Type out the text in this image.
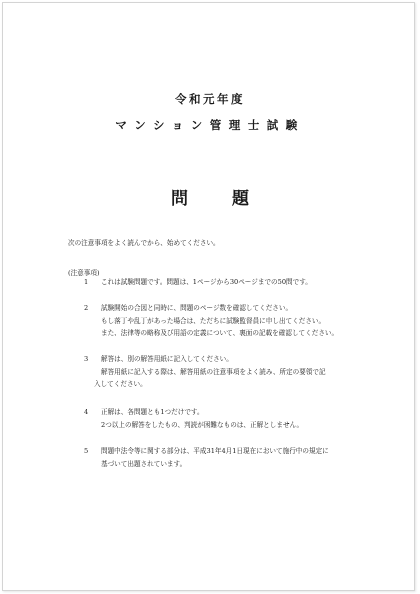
令和元年度
マンション管理士試験
問題
次の注意事項をよく読んでから、始めてください。
(注意事項)
1	これは試験問題です。問題は、1ページから30ページまでの50問です。
2	試験開始の合図と同時に、問題のページ数を確認してください。
もし落丁や乱丁があった場合は、ただちに試験監督員に申し出てください。
また、法律等の略称及び用語の定義について、裏面の記載を確認してください。
3	解答は、別の解答用紙に記入してください。
解答用紙に記入する際は、解答用紙の注意事項をよく読み、所定の要領で記
入してください。
4	正解は、各問題とも1つだけです。
2つ以上の解答をしたもの、判読が困難なものは、正解としません。
5	問題中法令等に関する部分は、平成31年4月1日現在において施行中の規定に
基づいて出題されています。
